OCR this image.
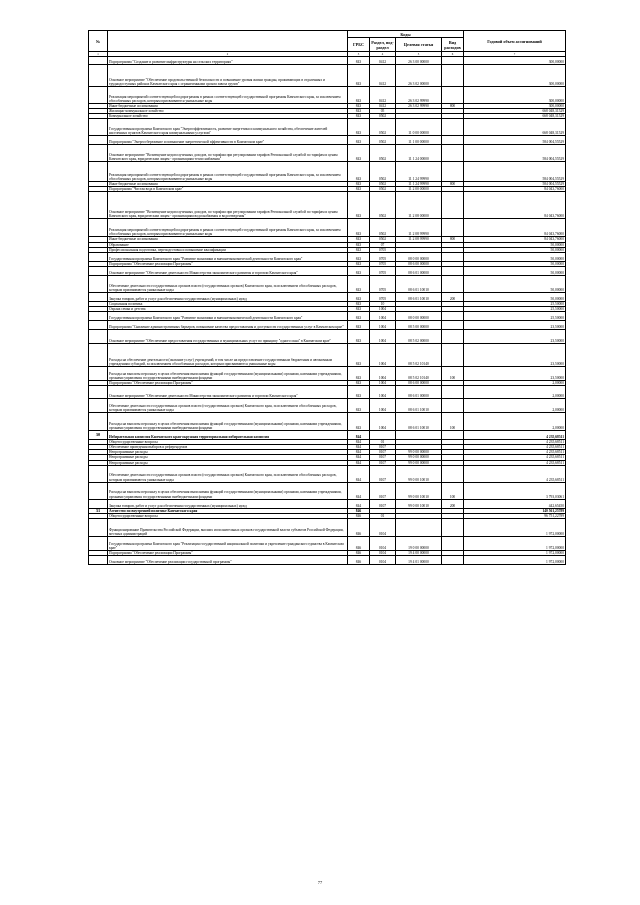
№		Коды				Годовой объем ассигнований
		ГРБС	Раздел, под-раздел	Целевая статья	Вид расходов	
1	2	3	4	5	6	7
	Подпрограмма "Создание и развитие инфраструктуры на сельских территориях"	843	0412	26 3 00 00000		300,00000
	Основное мероприятие "Обеспечение продовольственной безопасности и повышение уровня жизни граждан, проживающих в отдаленных и труднодоступных районах Камчатского края с ограниченными сроком завоза грузов"	843	0412	26 3 02 00000		300,00000
	Реализация мероприятий соответствующей подпрограммы в рамках соответствующей государственной программы Камчатского края, за исключением обособленных расходов, которым присваиваются уникальные коды	843	0412	26 3 02 99990		300,00000
	Иные бюджетные ассигнования	843	0412	26 3 02 99990	800	300,00000
	Жилищно-коммунальное хозяйство	843	05			668 048,31529
	Коммунальное хозяйство	843	0502			668 048,31529
	Государственная программа Камчатского края "Энергоэффективность, развитие энергетики и коммунального хозяйства, обеспечение жителей населенных пунктов Камчатского края коммунальными услугами"	843	0502	11 0 00 00000		668 048,31529
	Подпрограмма "Энергосбережение и повышение энергетической эффективности в Камчатском крае"	843	0502	11 1 00 00000		584 004,55529
	Основное мероприятие "Возмещение недополученных доходов, по тарифам при регулировании тарифов Региональной службой по тарифам и ценам Камчатского края, юридическим лицам - организациям теплоснабжения"	843	0502	11 1 24 00000		584 004,55529
	Реализация мероприятий соответствующей подпрограммы в рамках соответствующей государственной программы Камчатского края, за исключением обособленных расходов, которым присваиваются уникальные коды	843	0502	11 1 24 99990		584 004,55529
	Иные бюджетные ассигнования	843	0502	11 1 24 99990	800	584 004,55529
	Подпрограмма "Чистая вода в Камчатском крае"	843	0502	11 2 00 00000		84 043,76000
	Основное мероприятие "Возмещение недополученных доходов, по тарифам при регулировании тарифов Региональной службой по тарифам и ценам Камчатского края, юридическим лицам - организациям водоснабжения и водоотведения"	843	0502	11 2 08 00000		84 043,76000
	Реализация мероприятий соответствующей подпрограммы в рамках соответствующей государственной программы Камчатского края, за исключением обособленных расходов, которым присваиваются уникальные коды	843	0502	11 2 08 99990		84 043,76000
	Иные бюджетные ассигнования	843	0502	11 2 08 99990	800	84 043,76000
	Образование	843	07			50,00000
	Профессиональная подготовка, переподготовка и повышение квалификации	843	0705			50,00000
	Государственная программа Камчатского края "Развитие экономики и внешнеэкономической деятельности Камчатского края"	843	0705	08 0 00 00000		50,00000
	Подпрограмма "Обеспечение реализации Программы"	843	0705	08 6 00 00000		50,00000
	Основное мероприятие "Обеспечение деятельности Министерства экономического развития и торговли Камчатского края"	843	0705	08 6 01 00000		50,00000
	Обеспечение деятельности государственных органов власти (государственных органов) Камчатского края, за исключением обособленных расходов, которым присваиваются уникальные коды	843	0705	08 6 01 10010		50,00000
	Закупка товаров, работ и услуг для обеспечения государственных (муниципальных) нужд	843	0705	08 6 01 10010	200	50,00000
	Социальная политика	843	10			25,50000
	Охрана семьи и детства	843	1004			25,50000
	Государственная программа Камчатского края "Развитие экономики и внешнеэкономической деятельности Камчатского края"	843	1004	08 0 00 00000		25,50000
	Подпрограмма "Снижение административных барьеров, повышение качества предоставления и доступности государственных услуг в Камчатском крае"	843	1004	08 5 00 00000		23,50000
	Основное мероприятие "Обеспечение предоставления государственных и муниципальных услуг по принципу "одного окна" в Камчатском крае"	843	1004	08 5 02 00000		23,50000
	Расходы на обеспечение деятельности (оказание услуг) учреждений, в том числе на предоставление государственным бюджетным и автономным учреждениям субсидий, за исключением обособленных расходов, которым присваиваются уникальные коды	843	1004	08 5 02 10140		23,50000
	Расходы на выплаты персоналу в целях обеспечения выполнения функций государственными (муниципальными) органами, казенными учреждениями, органами управления государственными внебюджетными фондами	843	1004	08 5 02 10140	100	23,50000
	Подпрограмма "Обеспечение реализации Программы"	843	1004	08 6 00 00000		2,00000
	Основное мероприятие "Обеспечение деятельности Министерства экономического развития и торговли Камчатского края"	843	1004	08 6 01 00000		2,00000
	Обеспечение деятельности государственных органов власти (государственных органов) Камчатского края, за исключением обособленных расходов, которым присваиваются уникальные коды	843	1004	08 6 01 10010		2,00000
	Расходы на выплаты персоналу в целях обеспечения выполнения функций государственными (муниципальными) органами, казенными учреждениями, органами управления государственными внебюджетными фондами	843	1004	08 6 01 10010	100	2,00000
30	Избирательная комиссия Камчатского края-окружная территориальная избирательная комиссия	844				4 235,68511
	Общегосударственные вопросы	844	01			4 235,68511
	Обеспечение проведения выборов и референдумов	844	0107			4 235,68511
	Непрограммные расходы	844	0107	99 0 00 00000		4 235,68511
	Непрограммные расходы	844	0107	99 0 00 00000		4 235,68511
	Непрограммные расходы	844	0107	99 0 00 00000		4 235,68511
	Обеспечение деятельности государственных органов власти (государственных органов) Камчатского края, за исключением обособленных расходов, которым присваиваются уникальные коды	844	0107	99 0 00 10010		4 235,68511
	Расходы на выплаты персоналу в целях обеспечения выполнения функций государственными (муниципальными) органами, казенными учреждениями, органами управления государственными внебюджетными фондами	844	0107	99 0 00 10010	100	3 793,03061
	Закупка товаров, работ и услуг для обеспечения государственных (муниципальных) нужд	844	0107	99 0 00 10010	200	442,65450
31	Агентство по внутренней политике Камчатского края	846				140 561,25789
	Общегосударственные вопросы	846	01			96 751,22789
	Функционирование Правительства Российской Федерации, высших исполнительных органов государственной власти субъектов Российской Федерации, местных администраций	846	0104			1 972,00000
	Государственная программа Камчатского края "Реализация государственной национальной политики и укрепление гражданского единства в Камчатском крае"	846	0104	19 0 00 00000		1 972,00000
	Подпрограмма "Обеспечение реализации Программы"	846	0104	19 4 00 00000		1 972,00000
	Основное мероприятие "Обеспечение реализации государственной программы"	846	0104	19 4 01 00000		1 972,00000
77
